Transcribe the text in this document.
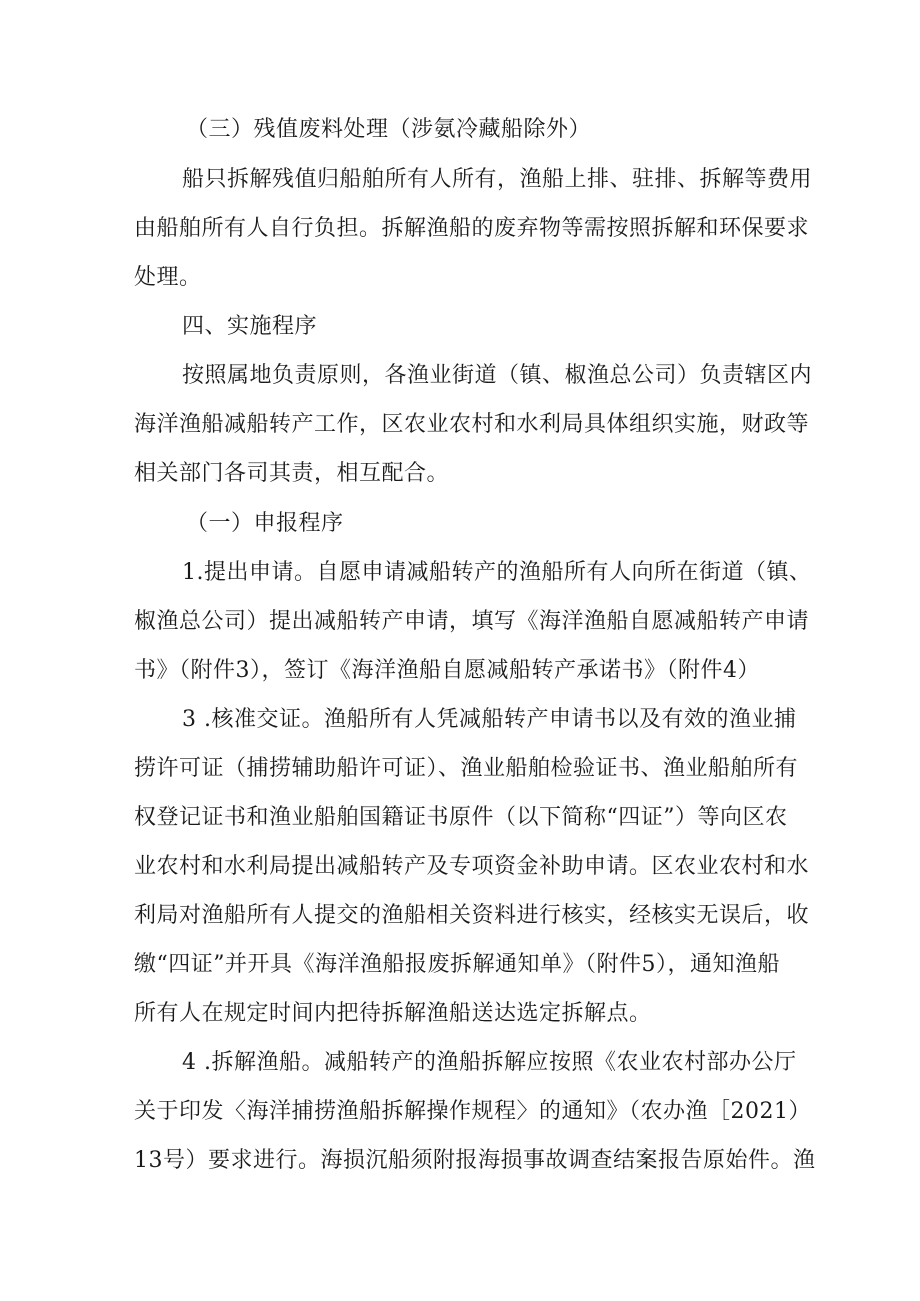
（三）残值废料处理（涉氨冷藏船除外）
船只拆解残值归船舶所有人所有，渔船上排、驻排、拆解等费用
由船舶所有人自行负担。拆解渔船的废弃物等需按照拆解和环保要求
处理。
四、实施程序
按照属地负责原则，各渔业街道（镇、椒渔总公司）负责辖区内
海洋渔船减船转产工作，区农业农村和水利局具体组织实施，财政等
相关部门各司其责，相互配合。
（一）申报程序
1.提出申请。自愿申请减船转产的渔船所有人向所在街道（镇、
椒渔总公司）提出减船转产申请，填写《海洋渔船自愿减船转产申请
书》（附件3），签订《海洋渔船自愿减船转产承诺书》（附件4）
3 .核准交证。渔船所有人凭减船转产申请书以及有效的渔业捕
捞许可证（捕捞辅助船许可证）、渔业船舶检验证书、渔业船舶所有
权登记证书和渔业船舶国籍证书原件（以下简称“四证”）等向区农
业农村和水利局提出减船转产及专项资金补助申请。区农业农村和水
利局对渔船所有人提交的渔船相关资料进行核实，经核实无误后，收
缴“四证”并开具《海洋渔船报废拆解通知单》（附件5），通知渔船
所有人在规定时间内把待拆解渔船送达选定拆解点。
4 .拆解渔船。减船转产的渔船拆解应按照《农业农村部办公厅
关于印发〈海洋捕捞渔船拆解操作规程〉的通知》（农办渔［2021）
13号）要求进行。海损沉船须附报海损事故调查结案报告原始件。渔
